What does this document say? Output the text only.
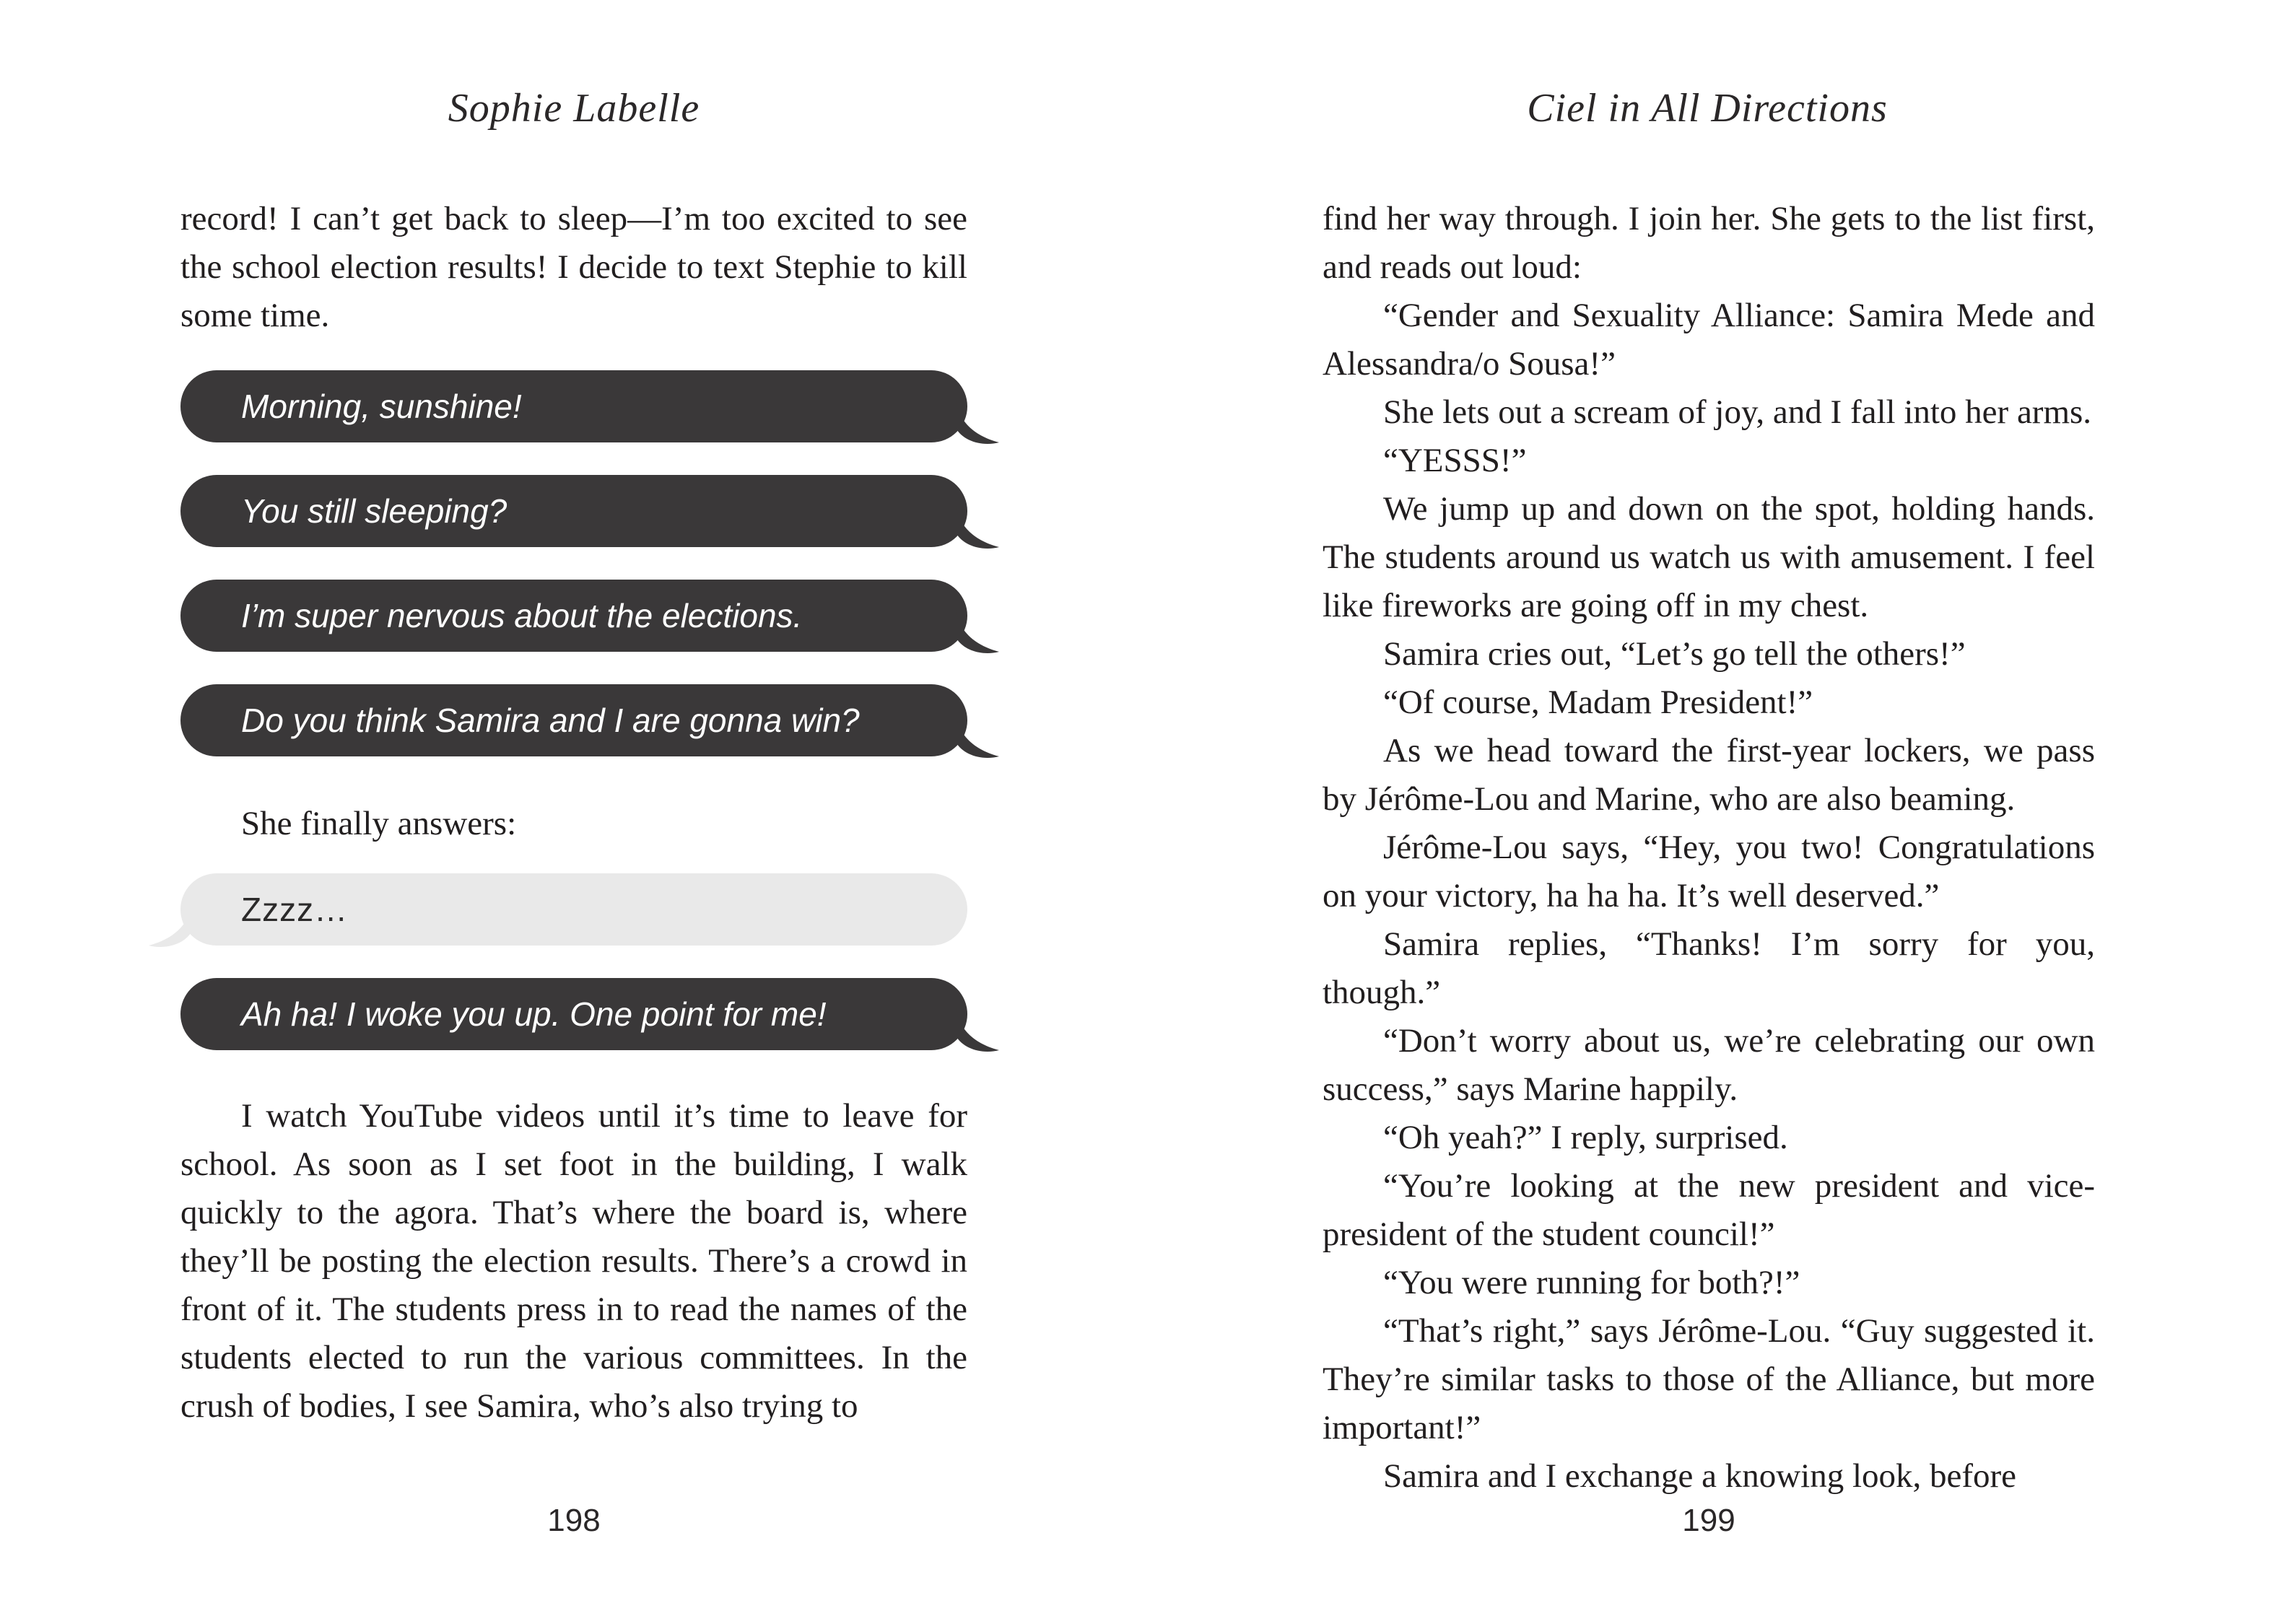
Sophie Labelle

record! I can’t get back to sleep—I’m too excited to see the school election results! I decide to text Stephie to kill some time.

Morning, sunshine!
You still sleeping?
I’m super nervous about the elections.
Do you think Samira and I are gonna win?

She finally answers:

Zzzz…
Ah ha! I woke you up. One point for me!

I watch YouTube videos until it’s time to leave for school. As soon as I set foot in the building, I walk quickly to the agora. That’s where the board is, where they’ll be posting the election results. There’s a crowd in front of it. The students press in to read the names of the students elected to run the various committees. In the crush of bodies, I see Samira, who’s also trying to

198
Ciel in All Directions

find her way through. I join her. She gets to the list first, and reads out loud:

“Gender and Sexuality Alliance: Samira Mede and Alessandra/o Sousa!”

She lets out a scream of joy, and I fall into her arms.

“YESSS!”

We jump up and down on the spot, holding hands. The students around us watch us with amusement. I feel like fireworks are going off in my chest.

Samira cries out, “Let’s go tell the others!”

“Of course, Madam President!”

As we head toward the first-year lockers, we pass by Jérôme-Lou and Marine, who are also beaming.

Jérôme-Lou says, “Hey, you two! Congratulations on your victory, ha ha ha. It’s well deserved.”

Samira replies, “Thanks! I’m sorry for you, though.”

“Don’t worry about us, we’re celebrating our own success,” says Marine happily.

“Oh yeah?” I reply, surprised.

“You’re looking at the new president and vice-president of the student council!”

“You were running for both?!”

“That’s right,” says Jérôme-Lou. “Guy suggested it. They’re similar tasks to those of the Alliance, but more important!”

Samira and I exchange a knowing look, before

199
